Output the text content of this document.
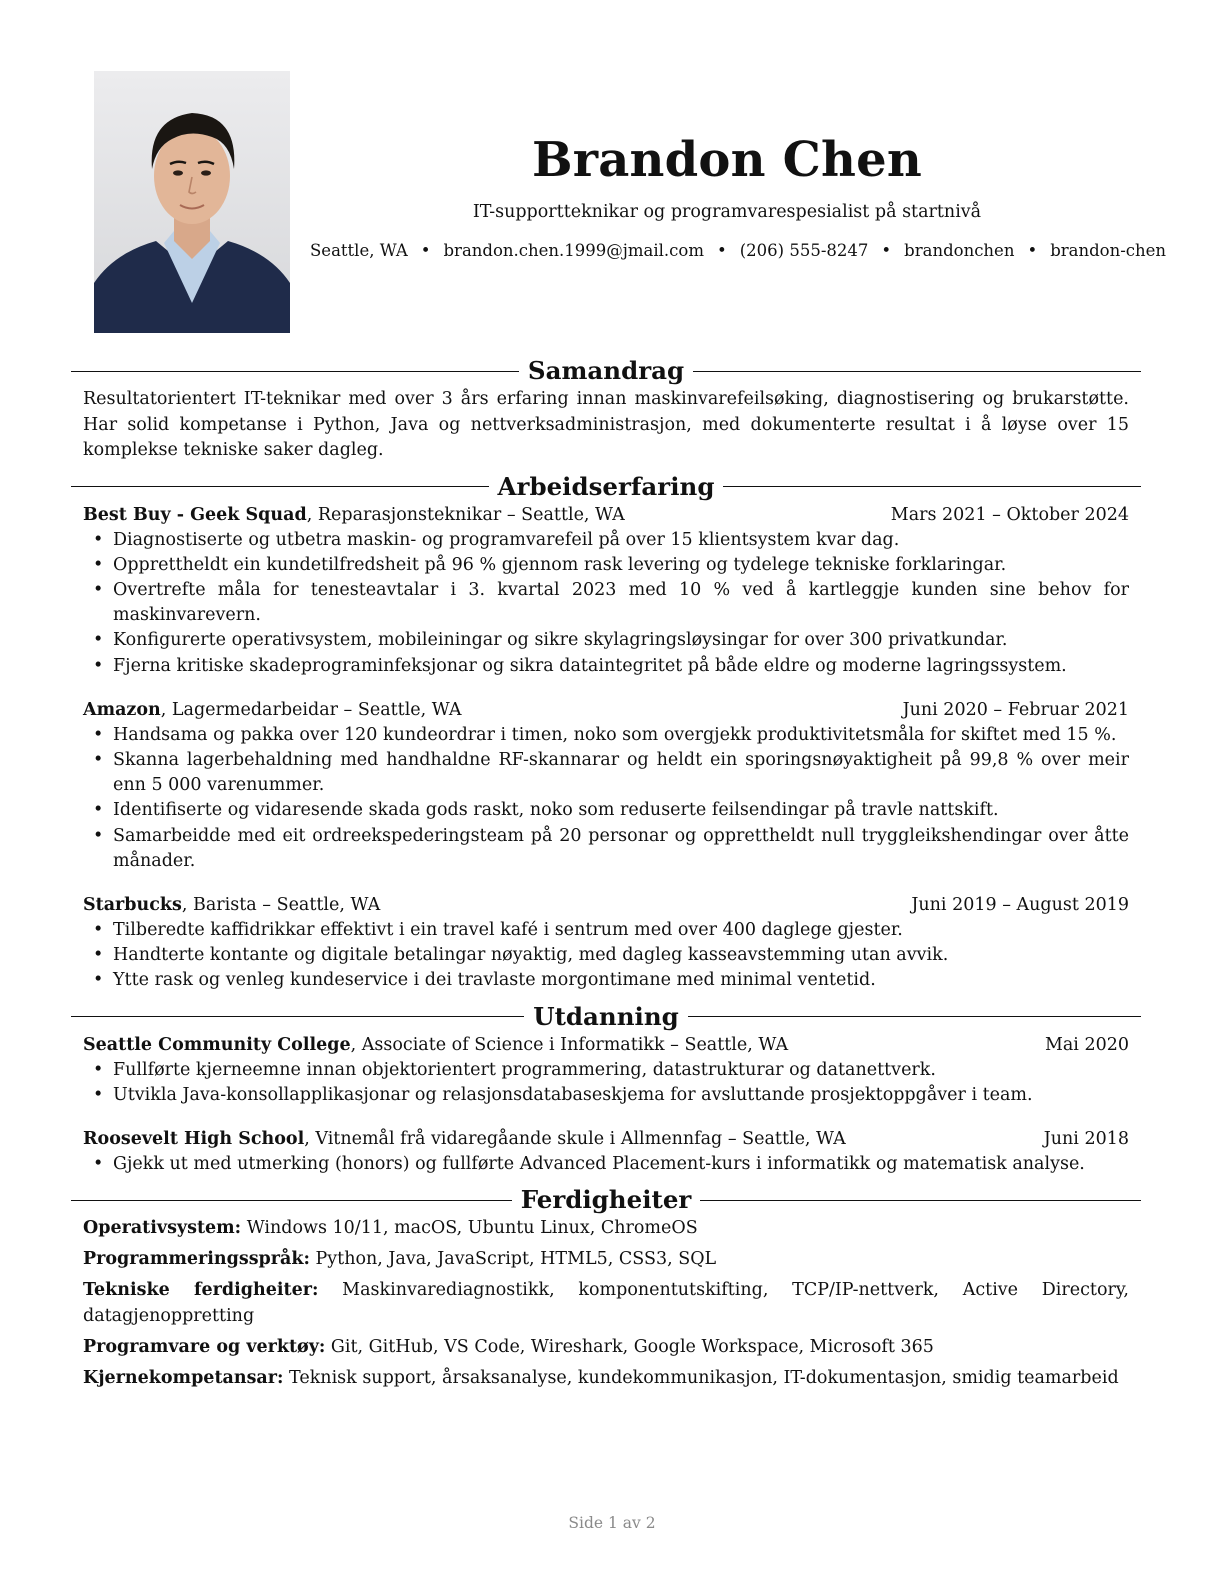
Brandon Chen
IT-supportteknikar og programvarespesialist på startnivå
Seattle, WA • brandon.chen.1999@jmail.com • (206) 555-8247 • brandonchen • brandon-chen
Samandrag

Resultatorientert IT-teknikar med over 3 års erfaring innan maskinvarefeilsøking, diagnostisering og brukarstøtte. Har solid kompetanse i Python, Java og nettverksadministrasjon, med dokumenterte resultat i å løyse over 15 komplekse tekniske saker dagleg.

Arbeidserfaring
Best Buy - Geek Squad, Reparasjonsteknikar – Seattle, WA	Mars 2021 – Oktober 2024
• Diagnostiserte og utbetra maskin- og programvarefeil på over 15 klientsystem kvar dag.
• Opprettheldt ein kundetilfredsheit på 96 % gjennom rask levering og tydelege tekniske forklaringar.
• Overtrefte måla for tenesteavtalar i 3. kvartal 2023 med 10 % ved å kartleggje kunden sine behov for maskinvarevern.
• Konfigurerte operativsystem, mobileiningar og sikre skylagringsløysingar for over 300 privatkundar.
• Fjerna kritiske skadeprograminfeksjonar og sikra dataintegritet på både eldre og moderne lagringssystem.
Amazon, Lagermedarbeidar – Seattle, WA	Juni 2020 – Februar 2021
• Handsama og pakka over 120 kundeordrar i timen, noko som overgjekk produktivitetsmåla for skiftet med 15 %.
• Skanna lagerbehaldning med handhaldne RF-skannarar og heldt ein sporingsnøyaktigheit på 99,8 % over meir enn 5 000 varenummer.
• Identifiserte og vidaresende skada gods raskt, noko som reduserte feilsendingar på travle nattskift.
• Samarbeidde med eit ordreekspederingsteam på 20 personar og opprettheldt null tryggleikshendingar over åtte månader.
Starbucks, Barista – Seattle, WA	Juni 2019 – August 2019
• Tilberedte kaffidrikkar effektivt i ein travel kafé i sentrum med over 400 daglege gjester.
• Handterte kontante og digitale betalingar nøyaktig, med dagleg kasseavstemming utan avvik.
• Ytte rask og venleg kundeservice i dei travlaste morgontimane med minimal ventetid.
Utdanning
Seattle Community College, Associate of Science i Informatikk – Seattle, WA	Mai 2020
• Fullførte kjerneemne innan objektorientert programmering, datastrukturar og datanettverk.
• Utvikla Java-konsollapplikasjonar og relasjonsdatabaseskjema for avsluttande prosjektoppgåver i team.
Roosevelt High School, Vitnemål frå vidaregåande skule i Allmennfag – Seattle, WA	Juni 2018
• Gjekk ut med utmerking (honors) og fullførte Advanced Placement-kurs i informatikk og matematisk analyse.
Ferdigheiter

Operativsystem: Windows 10/11, macOS, Ubuntu Linux, ChromeOS

Programmeringsspråk: Python, Java, JavaScript, HTML5, CSS3, SQL

Tekniske ferdigheiter: Maskinvarediagnostikk, komponentutskifting, TCP/IP-nettverk, Active Directory, datagjenoppretting

Programvare og verktøy: Git, GitHub, VS Code, Wireshark, Google Workspace, Microsoft 365

Kjernekompetansar: Teknisk support, årsaksanalyse, kundekommunikasjon, IT-dokumentasjon, smidig teamarbeid

Side 1 av 2
